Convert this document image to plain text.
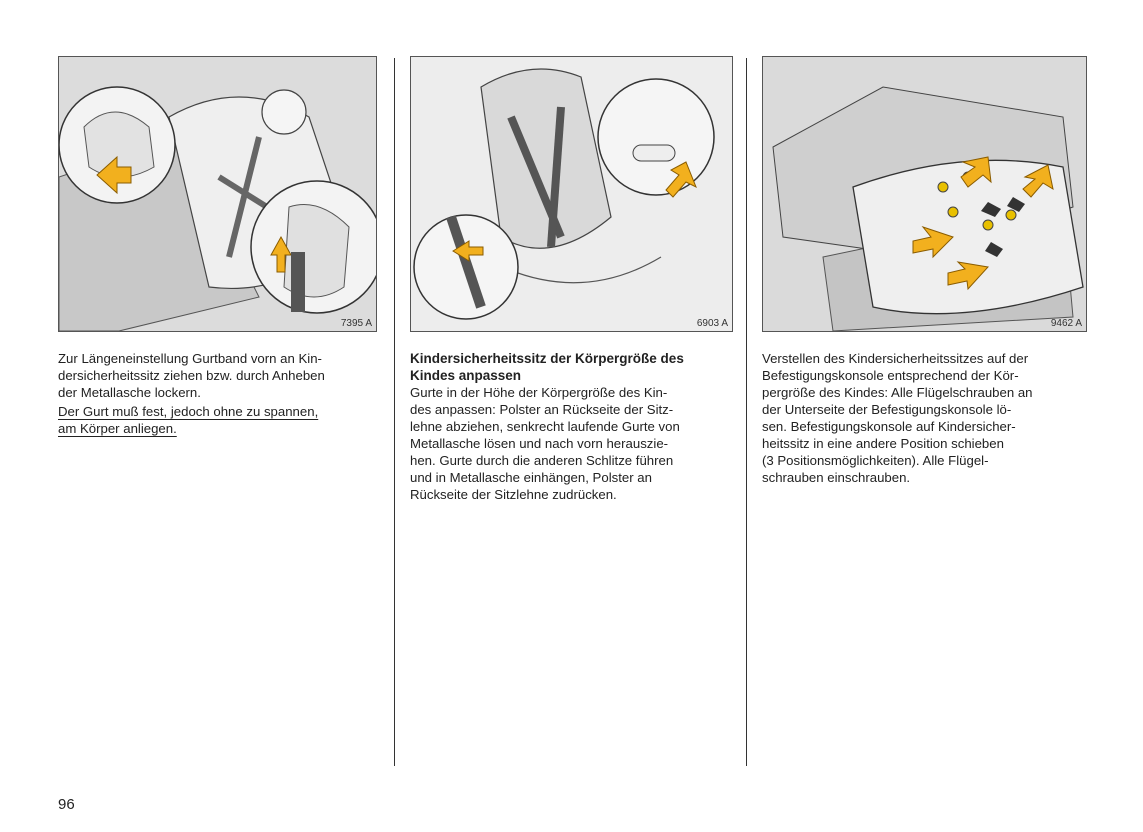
7395 A	6903 A	9462 A
Zur Längeneinstellung Gurtband vorn an Kin-
dersicherheitssitz ziehen bzw. durch Anheben
der Metallasche lockern.
Der Gurt muß fest, jedoch ohne zu spannen,
am Körper anliegen.
Kindersicherheitssitz der Körpergröße des
Kindes anpassen
Gurte in der Höhe der Körpergröße des Kin-
des anpassen: Polster an Rückseite der Sitz-
lehne abziehen, senkrecht laufende Gurte von
Metallasche lösen und nach vorn herauszie-
hen. Gurte durch die anderen Schlitze führen
und in Metallasche einhängen, Polster an
Rückseite der Sitzlehne zudrücken.
Verstellen des Kindersicherheitssitzes auf der
Befestigungskonsole entsprechend der Kör-
pergröße des Kindes: Alle Flügelschrauben an
der Unterseite der Befestigungskonsole lö-
sen. Befestigungskonsole auf Kindersicher-
heitssitz in eine andere Position schieben
(3 Positionsmöglichkeiten). Alle Flügel-
schrauben einschrauben.
96
